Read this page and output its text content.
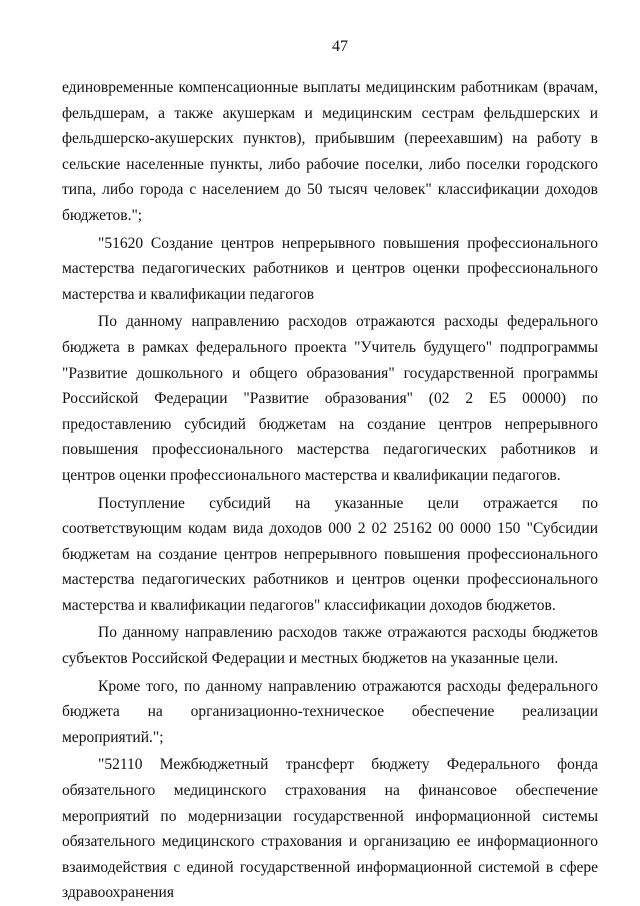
47

единовременные компенсационные выплаты медицинским работникам (врачам, фельдшерам, а также акушеркам и медицинским сестрам фельдшерских и фельдшерско-акушерских пунктов), прибывшим (переехавшим) на работу в сельские населенные пункты, либо рабочие поселки, либо поселки городского типа, либо города с населением до 50 тысяч человек" классификации доходов бюджетов.";

"51620 Создание центров непрерывного повышения профессионального мастерства педагогических работников и центров оценки профессионального мастерства и квалификации педагогов

По данному направлению расходов отражаются расходы федерального бюджета в рамках федерального проекта "Учитель будущего" подпрограммы "Развитие дошкольного и общего образования" государственной программы Российской Федерации "Развитие образования" (02 2 E5 00000) по предоставлению субсидий бюджетам на создание центров непрерывного повышения профессионального мастерства педагогических работников и центров оценки профессионального мастерства и квалификации педагогов.

Поступление субсидий на указанные цели отражается по соответствующим кодам вида доходов 000 2 02 25162 00 0000 150 "Субсидии бюджетам на создание центров непрерывного повышения профессионального мастерства педагогических работников и центров оценки профессионального мастерства и квалификации педагогов" классификации доходов бюджетов.

По данному направлению расходов также отражаются расходы бюджетов субъектов Российской Федерации и местных бюджетов на указанные цели.

Кроме того, по данному направлению отражаются расходы федерального бюджета на организационно-техническое обеспечение реализации мероприятий.";

"52110 Межбюджетный трансферт бюджету Федерального фонда обязательного медицинского страхования на финансовое обеспечение мероприятий по модернизации государственной информационной системы обязательного медицинского страхования и организацию ее информационного взаимодействия с единой государственной информационной системой в сфере здравоохранения
